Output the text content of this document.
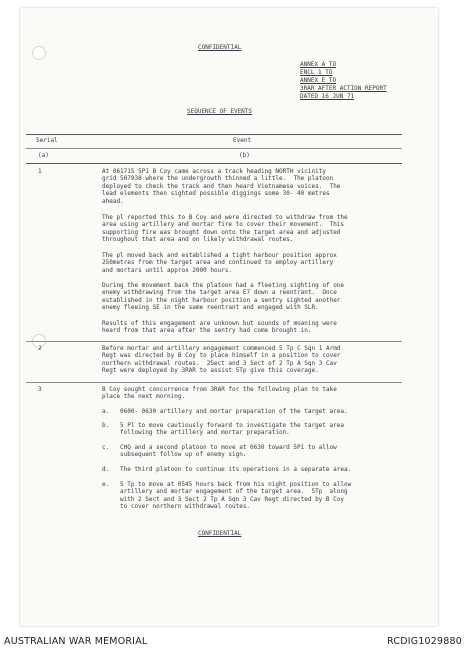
CONFIDENTIAL
ANNEX A TO
ENCL 1 TO
ANNEX E TO
3RAR AFTER ACTION REPORT
DATED 16 JUN 71
SEQUENCE OF EVENTS
Serial	Event
(a)	(b)
1	At 061715 5P1 B Coy came across a track heading NORTH vicinity
grid 507938 where the undergrowth thinned a little.  The platoon
deployed to check the track and then heard Vietnamese voices.  The
lead elements then sighted possible diggings some 30- 40 metres
ahead.
The pl reported this to B Coy and were directed to withdraw from the
area using artillery and mortar fire to cover their movement.  This
supporting fire was brought down onto the target area and adjusted
throughout that area and on likely withdrawal routes.
The pl moved back and established a tight harbour position approx
250metres from the target area and continued to employ artillery
and mortars until approx 2000 hours.
During the movement back the platoon had a fleeting sighting of one
enemy withdrawing from the target area E7 down a reentrant.  Once
established in the night harbour position a sentry sighted another
enemy fleeing SE in the same reentrant and engaged with SLR.
Results of this engagement are unknown but sounds of moaning were
heard from that area after the sentry had come brought in.
2	Before mortar and artillery engagement commenced 5 Tp C Sqn 1 Armd
Regt was directed by B Coy to place himself in a position to cover
northern withdrawal routes.  2Sect and 3 Sect of 2 Tp A Sqn 3 Cav
Regt were deployed by 3RAR to assist 5Tp give this coverage.
3	B Coy sought concurrence from 3RAR for the following plan to take
place the next morning.
a. 0600- 0630 artillery and mortar preparation of the target area.
b. 5 Pl to move cautiously forward to investigate the target area
following the artillery and mortar preparation.
c. CHQ and a second platoon to move at 0630 toward 5P1 to allow
subsequent follow up of enemy sign.
d. The third platoon to continue its operations in a separate area.
e. 5 Tp to move at 0545 hours back from his night position to allow
artillery and mortar engagement of the target area.  5Tp  along
with 2 Sect and 3 Sect 2 Tp A Sqn 3 Cav Regt directed by B Coy
to cover northern withdrawal routes.
CONFIDENTIAL
AUSTRALIAN WAR MEMORIAL	RCDIG1029880
